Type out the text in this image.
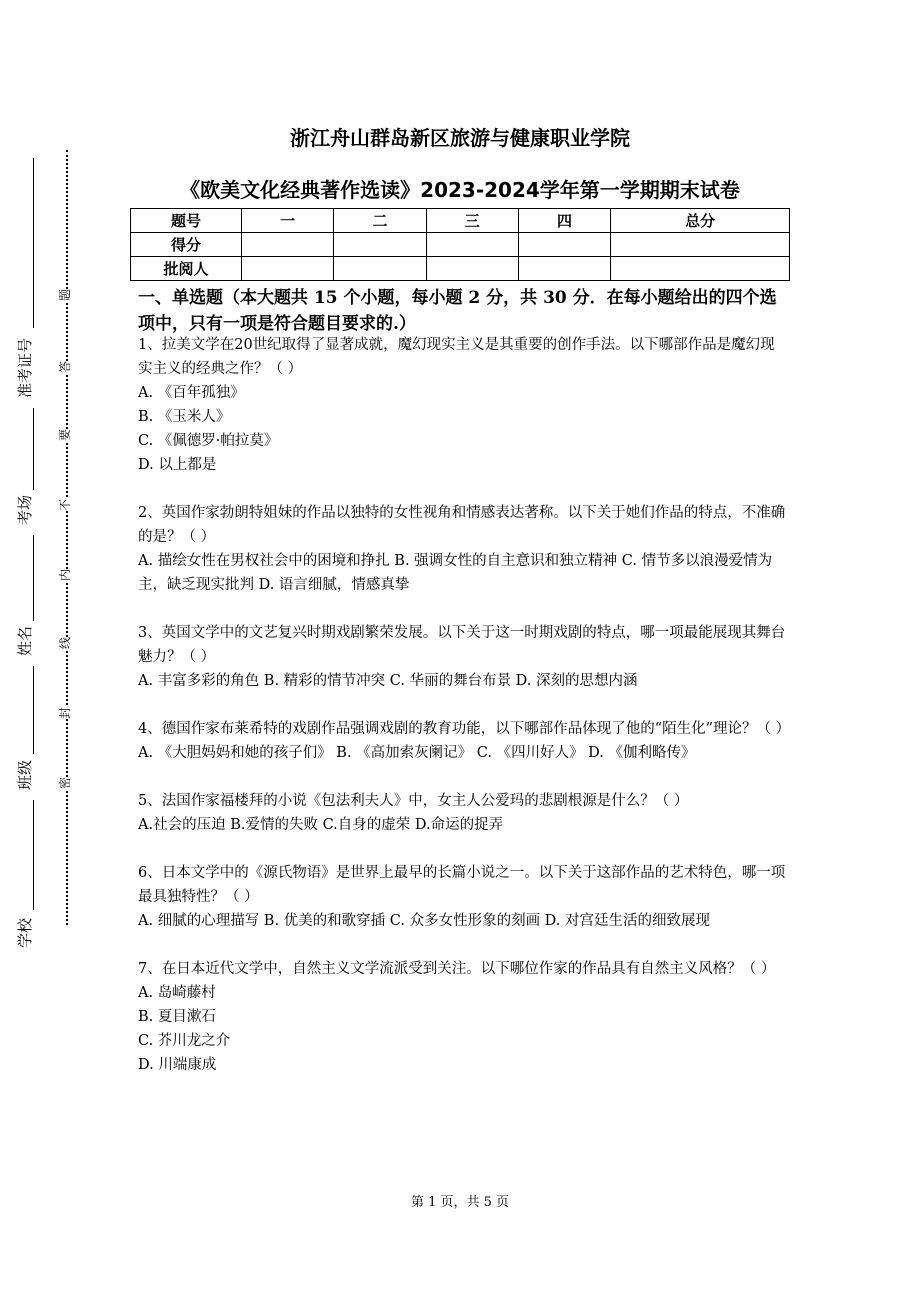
题
答
要
不
内
线
封
密
准考证号
考场
姓名
班级
学校
浙江舟山群岛新区旅游与健康职业学院
《欧美文化经典著作选读》2023-2024学年第一学期期末试卷
题号	一	二	三	四	总分
得分					
批阅人					
一、单选题（本大题共 15 个小题，每小题 2 分，共 30 分．在每小题给出的四个选项中，只有一项是符合题目要求的.）

1、拉美文学在20世纪取得了显著成就，魔幻现实主义是其重要的创作手法。以下哪部作品是魔幻现实主义的经典之作？（ ）

A. 《百年孤独》

B. 《玉米人》

C. 《佩德罗·帕拉莫》

D. 以上都是

2、英国作家勃朗特姐妹的作品以独特的女性视角和情感表达著称。以下关于她们作品的特点，不准确的是？（ ）

A. 描绘女性在男权社会中的困境和挣扎 B. 强调女性的自主意识和独立精神 C. 情节多以浪漫爱情为主，缺乏现实批判 D. 语言细腻，情感真挚

3、英国文学中的文艺复兴时期戏剧繁荣发展。以下关于这一时期戏剧的特点，哪一项最能展现其舞台魅力？（ ）

A. 丰富多彩的角色 B. 精彩的情节冲突 C. 华丽的舞台布景 D. 深刻的思想内涵

4、德国作家布莱希特的戏剧作品强调戏剧的教育功能，以下哪部作品体现了他的“陌生化”理论？（ ）

A. 《大胆妈妈和她的孩子们》 B. 《高加索灰阑记》 C. 《四川好人》 D. 《伽利略传》

5、法国作家福楼拜的小说《包法利夫人》中，女主人公爱玛的悲剧根源是什么？（ ）

A.社会的压迫 B.爱情的失败 C.自身的虚荣 D.命运的捉弄

6、日本文学中的《源氏物语》是世界上最早的长篇小说之一。以下关于这部作品的艺术特色，哪一项最具独特性？（ ）

A. 细腻的心理描写 B. 优美的和歌穿插 C. 众多女性形象的刻画 D. 对宫廷生活的细致展现

7、在日本近代文学中，自然主义文学流派受到关注。以下哪位作家的作品具有自然主义风格？（ ）

A. 岛崎藤村

B. 夏目漱石

C. 芥川龙之介

D. 川端康成

第 1 页，共 5 页
